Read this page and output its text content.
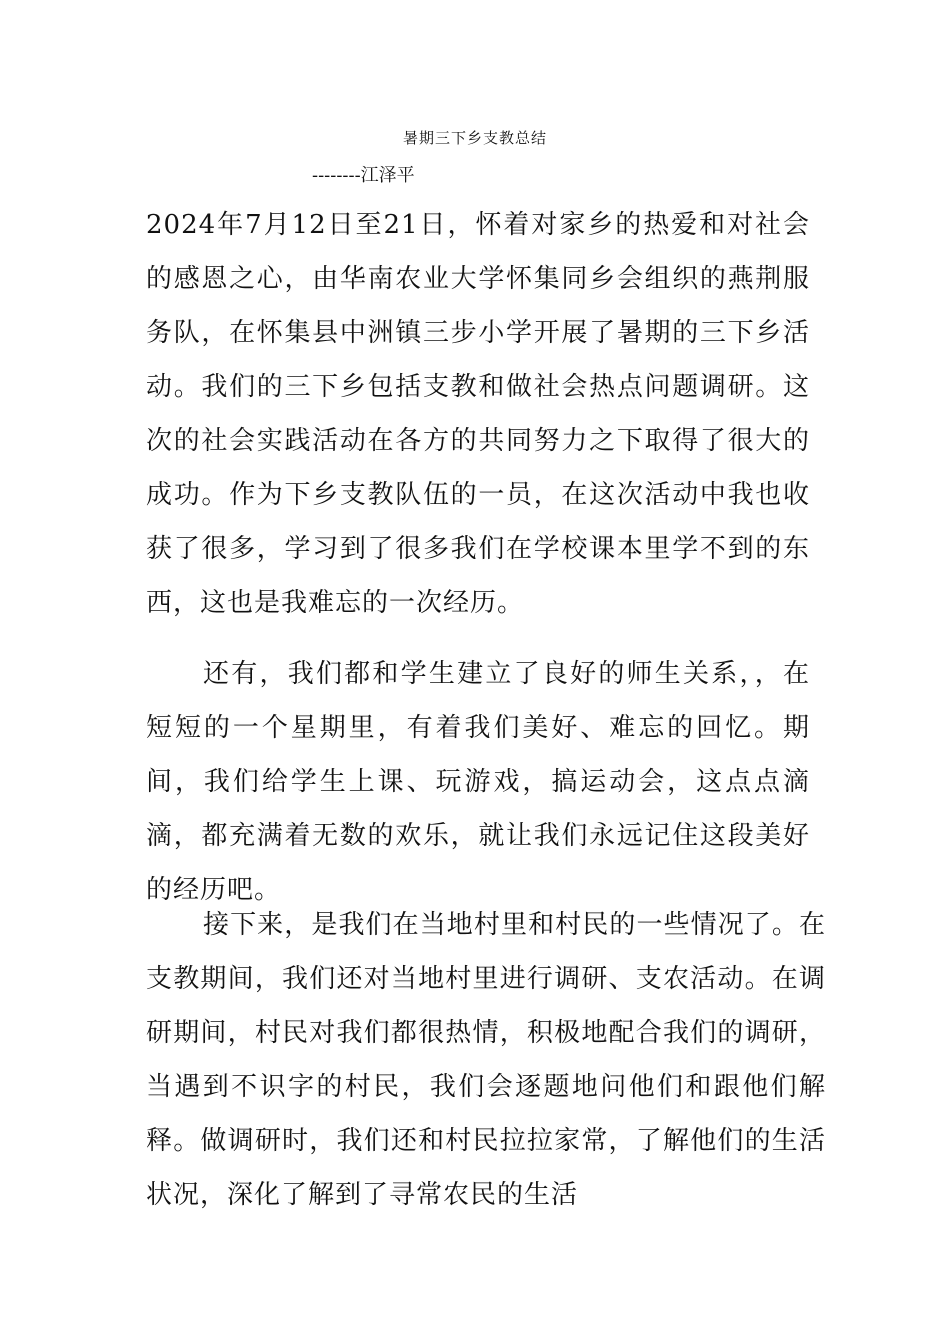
暑期三下乡支教总结
--------江泽平

2024年7月12日至21日，怀着对家乡的热爱和对社会的感恩之心，由华南农业大学怀集同乡会组织的燕荆服务队，在怀集县中洲镇三步小学开展了暑期的三下乡活动。我们的三下乡包括支教和做社会热点问题调研。这次的社会实践活动在各方的共同努力之下取得了很大的成功。作为下乡支教队伍的一员，在这次活动中我也收获了很多，学习到了很多我们在学校课本里学不到的东西，这也是我难忘的一次经历。

还有，我们都和学生建立了良好的师生关系，，在短短的一个星期里，有着我们美好、难忘的回忆。期间，我们给学生上课、玩游戏，搞运动会，这点点滴滴，都充满着无数的欢乐，就让我们永远记住这段美好的经历吧。

接下来，是我们在当地村里和村民的一些情况了。在支教期间，我们还对当地村里进行调研、支农活动。在调研期间，村民对我们都很热情，积极地配合我们的调研，当遇到不识字的村民，我们会逐题地问他们和跟他们解释。做调研时，我们还和村民拉拉家常，了解他们的生活状况，深化了解到了寻常农民的生活
